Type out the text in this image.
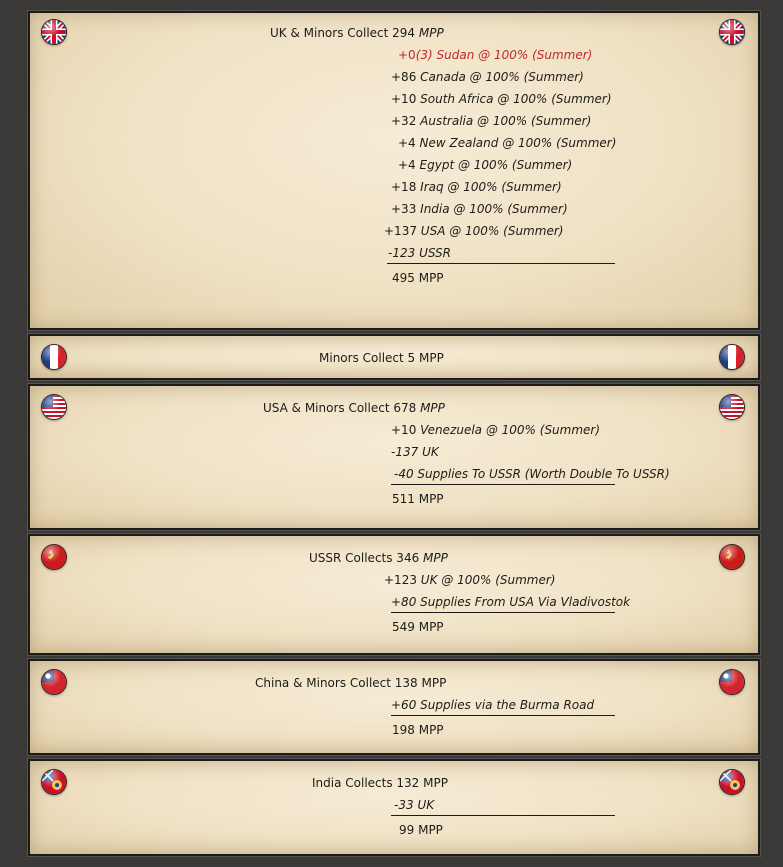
UK & Minors Collect 294 MPP
+0(3) Sudan @ 100% (Summer)
+86 Canada @ 100% (Summer)
+10 South Africa @ 100% (Summer)
+32 Australia @ 100% (Summer)
+4 New Zealand @ 100% (Summer)
+4 Egypt @ 100% (Summer)
+18 Iraq @ 100% (Summer)
+33 India @ 100% (Summer)
+137 USA @ 100% (Summer)
-123 USSR
495 MPP
Minors Collect 5 MPP
USA & Minors Collect 678 MPP
+10 Venezuela @ 100% (Summer)
-137 UK
-40 Supplies To USSR (Worth Double To USSR)
511 MPP
USSR Collects 346 MPP
+123 UK @ 100% (Summer)
+80 Supplies From USA Via Vladivostok
549 MPP
China & Minors Collect 138 MPP
+60 Supplies via the Burma Road
198 MPP
India Collects 132 MPP
-33 UK
99 MPP
